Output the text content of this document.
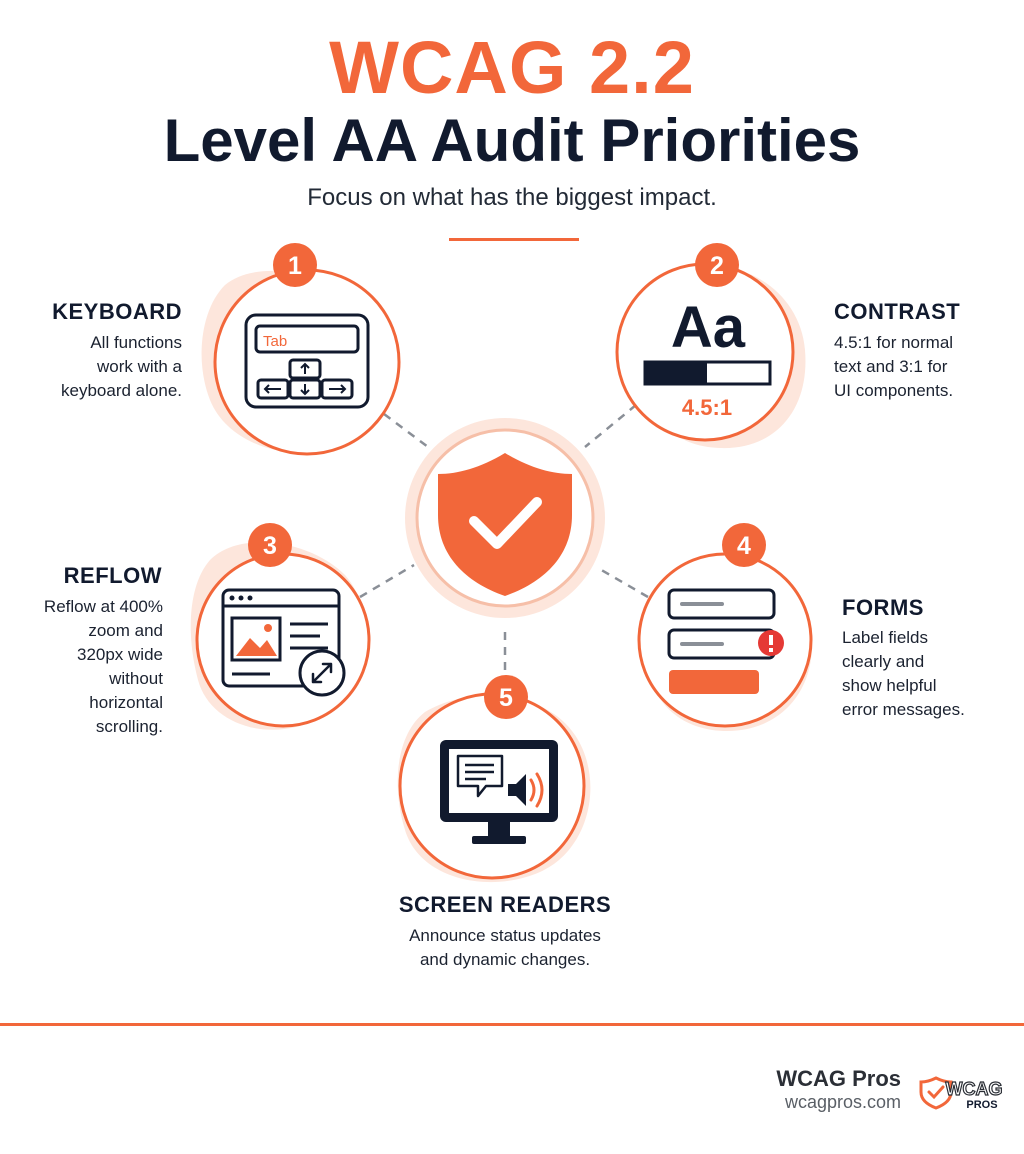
WCAG 2.2
Level AA Audit Priorities
Focus on what has the biggest impact.
Tab
1
Aa
4.5:1
2
3	4
5
KEYBOARD
All functions
work with a
keyboard alone.
CONTRAST
4.5:1 for normal
text and 3:1 for
UI components.
REFLOW
Reflow at 400%
zoom and
320px wide
without
horizontal
scrolling.
FORMS
Label fields
clearly and
show helpful
error messages.
SCREEN READERS
Announce status updates
and dynamic changes.
WCAG Pros
wcagpros.com
WCAG
PROS
